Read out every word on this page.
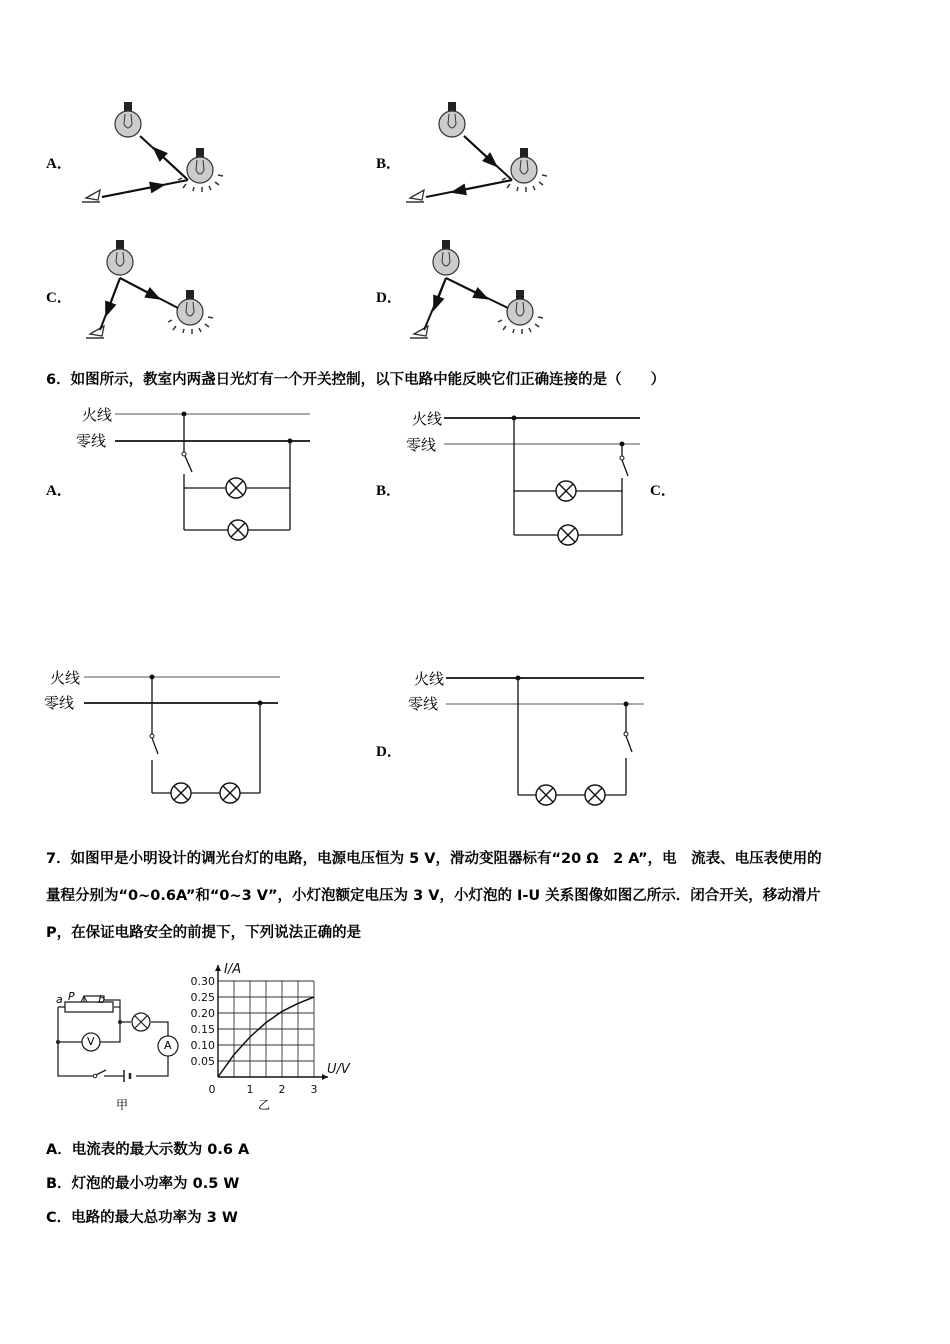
A．	B．
C．	D．
6．如图所示，教室内两盏日光灯有一个开关控制，以下电路中能反映它们正确连接的是（　　）
A．	B．	C．
D．
火线
零线
火线
零线
火线
零线
火线
零线
7．如图甲是小明设计的调光台灯的电路，电源电压恒为 5 V，滑动变阻器标有“20 Ω　2 A”，电　流表、电压表使用的
量程分别为“0~0.6A”和“0~3 V”，小灯泡额定电压为 3 V，小灯泡的 I-U 关系图像如图乙所示．闭合开关，移动滑片
P，在保证电路安全的前提下，下列说法正确的是
a P b
V	A
甲
I/A
U/V
0.05
0.10
0.15
0.20
0.25
0.30
0	1 2 3
乙
A．电流表的最大示数为 0.6 A
B．灯泡的最小功率为 0.5 W
C．电路的最大总功率为 3 W
